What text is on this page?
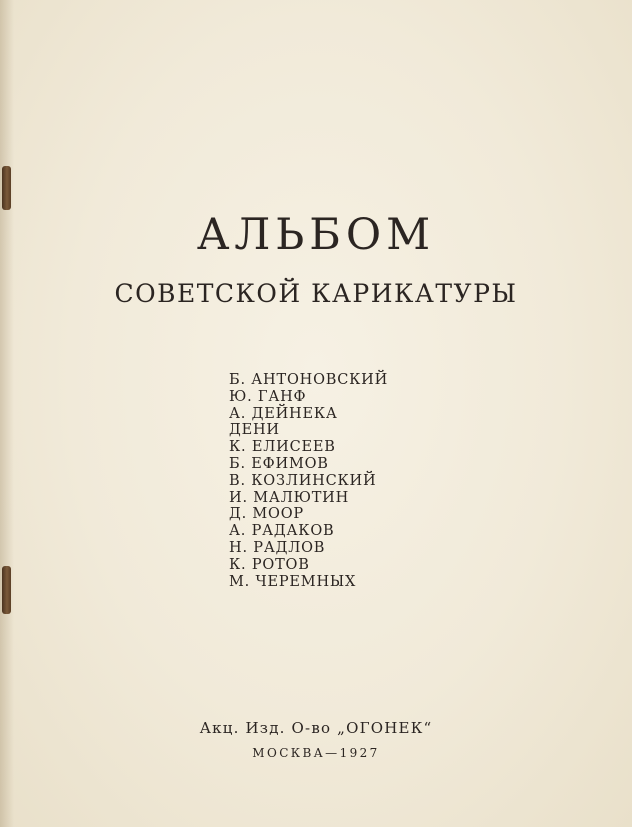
АЛЬБОМ
СОВЕТСКОЙ КАРИКАТУРЫ
Б. АНТОНОВСКИЙ
Ю. ГАНФ
А. ДЕЙНЕКА
ДЕНИ
К. ЕЛИСЕЕВ
Б. ЕФИМОВ
В. КОЗЛИНСКИЙ
И. МАЛЮТИН
Д. МООР
А. РАДАКОВ
Н. РАДЛОВ
К. РОТОВ
М. ЧЕРЕМНЫХ
Акц. Изд. О-во „ОГОНЕК“
МОСКВА—1927
